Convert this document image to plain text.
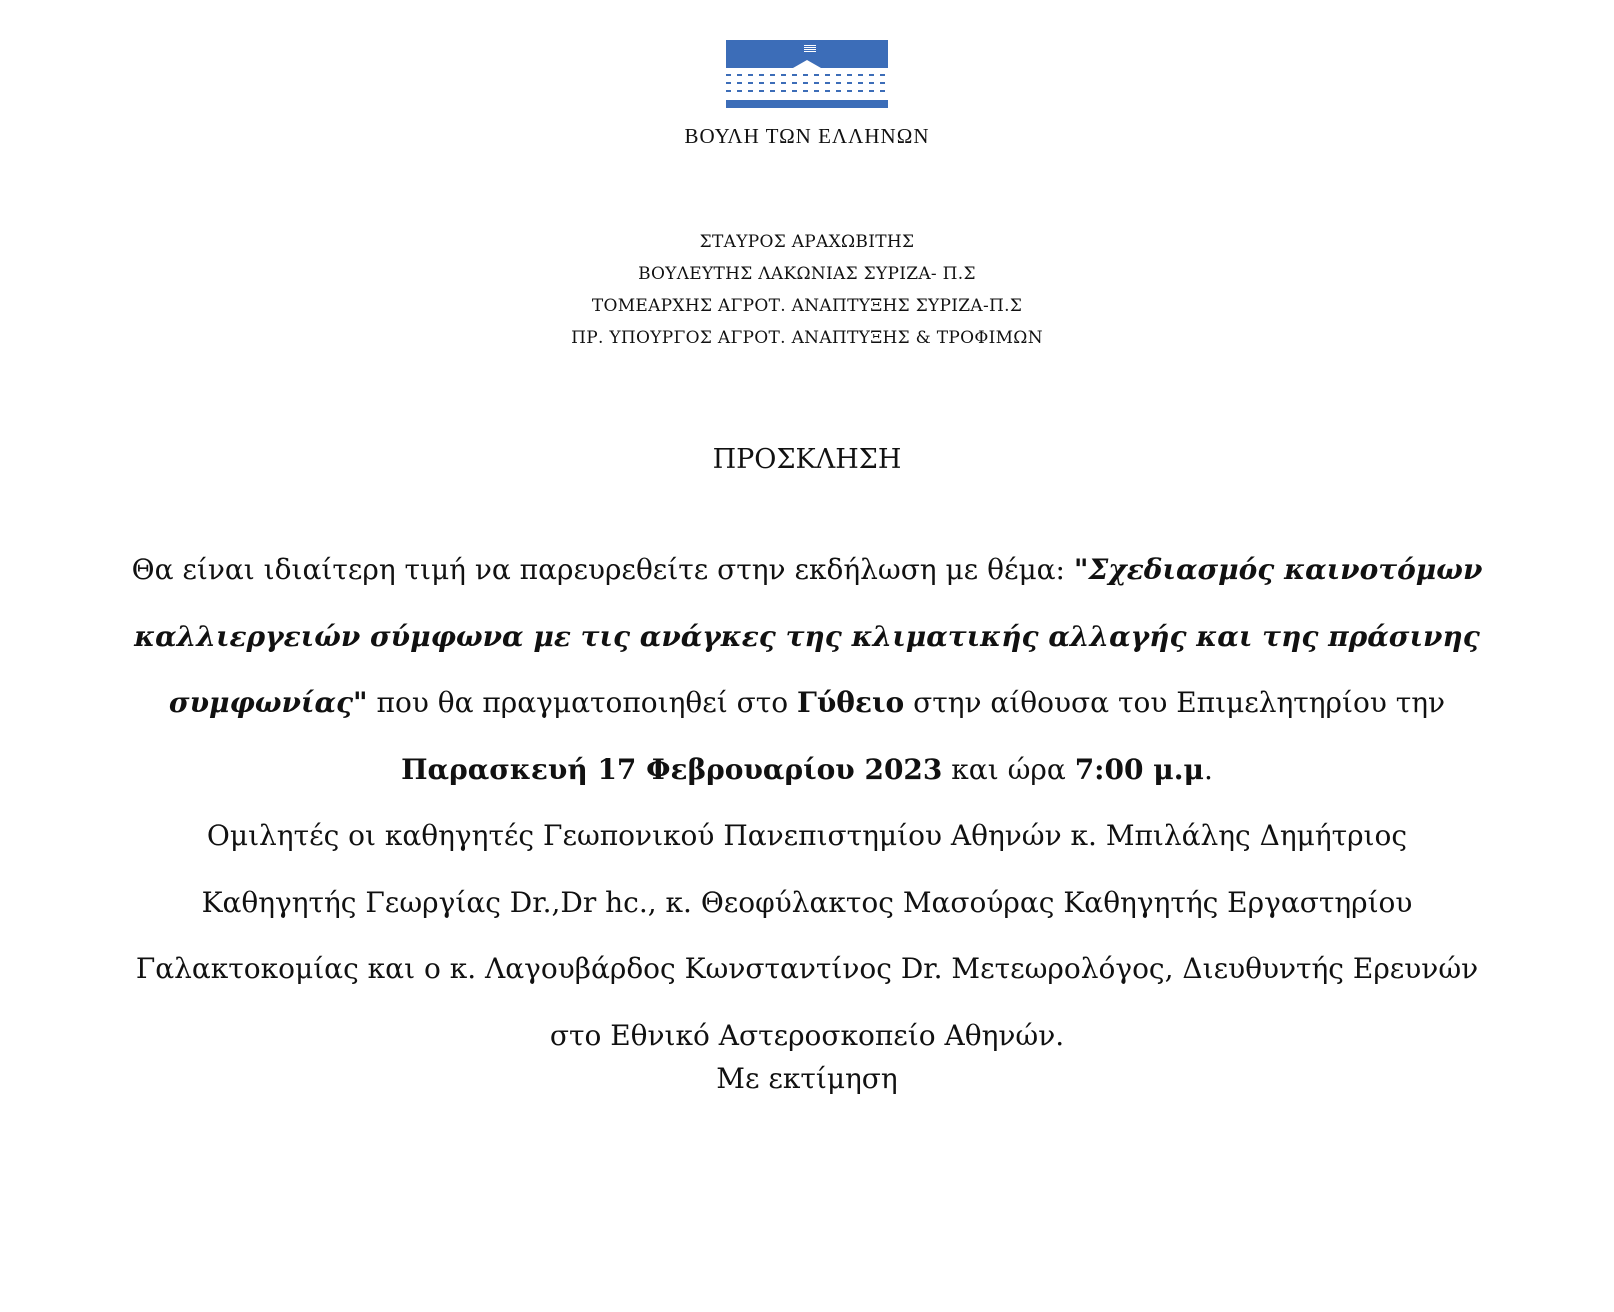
ΒΟΥΛΗ ΤΩΝ ΕΛΛΗΝΩΝ
ΣΤΑΥΡΟΣ ΑΡΑΧΩΒΙΤΗΣ
ΒΟΥΛΕΥΤΗΣ ΛΑΚΩΝΙΑΣ ΣΥΡΙΖΑ- Π.Σ
ΤΟΜΕΑΡΧΗΣ ΑΓΡΟΤ. ΑΝΑΠΤΥΞΗΣ ΣΥΡΙΖΑ-Π.Σ
ΠΡ. ΥΠΟΥΡΓΟΣ ΑΓΡΟΤ. ΑΝΑΠΤΥΞΗΣ & ΤΡΟΦΙΜΩΝ
ΠΡΟΣΚΛΗΣΗ
Θα είναι ιδιαίτερη τιμή να παρευρεθείτε στην εκδήλωση με θέμα: "Σχεδιασμός καινοτόμων
καλλιεργειών σύμφωνα με τις ανάγκες της κλιματικής αλλαγής και της πράσινης
συμφωνίας" που θα πραγματοποιηθεί στο Γύθειο στην αίθουσα του Επιμελητηρίου την
Παρασκευή 17 Φεβρουαρίου 2023 και ώρα 7:00 μ.μ.
Ομιλητές οι καθηγητές Γεωπονικού Πανεπιστημίου Αθηνών κ. Μπιλάλης Δημήτριος
Καθηγητής Γεωργίας Dr.,Dr hc., κ. Θεοφύλακτος Μασούρας Καθηγητής Εργαστηρίου
Γαλακτοκομίας και ο κ. Λαγουβάρδος Κωνσταντίνος Dr. Μετεωρολόγος, Διευθυντής Ερευνών
στο Εθνικό Αστεροσκοπείο Αθηνών.
Με εκτίμηση
